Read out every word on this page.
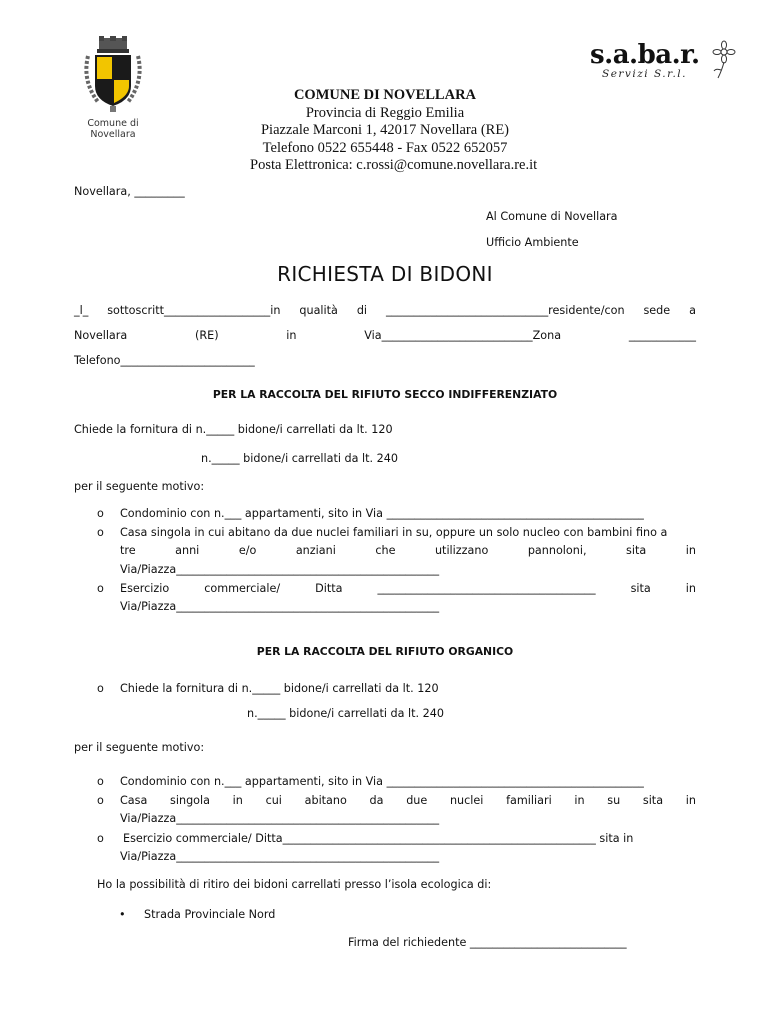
Comune di
Novellara
s.a.ba.r.
Servizi S.r.l.
COMUNE DI NOVELLARA
Provincia di Reggio Emilia
Piazzale Marconi 1, 42017 Novellara (RE)
Telefono 0522 655448 - Fax 0522 652057
Posta Elettronica: c.rossi@comune.novellara.re.it
Novellara, _________
Al Comune di Novellara
Ufficio Ambiente
RICHIESTA DI BIDONI
_l_ sottoscritt___________________in qualità di _____________________________residente/con sede a
Novellara	(RE)	in	Via___________________________Zona	____________
Telefono________________________
PER LA RACCOLTA DEL RIFIUTO SECCO INDIFFERENZIATO
Chiede la fornitura di n._____ bidone/i carrellati da lt. 120
n._____ bidone/i carrellati da lt. 240
per il seguente motivo:
o Condominio con n.___ appartamenti, sito in Via ______________________________________________
o Casa singola in cui abitano da due nuclei familiari in su, oppure un solo nucleo con bambini fino a
tre	anni	e/o	anziani	che	utilizzano	pannoloni,	sita	in
Via/Piazza_______________________________________________
o Esercizio	commerciale/	Ditta	_______________________________________	sita	in
Via/Piazza_______________________________________________
PER LA RACCOLTA DEL RIFIUTO ORGANICO
o Chiede la fornitura di n._____ bidone/i carrellati da lt. 120
n._____ bidone/i carrellati da lt. 240
per il seguente motivo:
o Condominio con n.___ appartamenti, sito in Via ______________________________________________
o Casa singola in cui abitano da due nuclei familiari in su sita in
Via/Piazza_______________________________________________
o Esercizio commerciale/ Ditta________________________________________________________ sita in
Via/Piazza_______________________________________________
Ho la possibilità di ritiro dei bidoni carrellati presso l’isola ecologica di:
• Strada Provinciale Nord
Firma del richiedente ____________________________
